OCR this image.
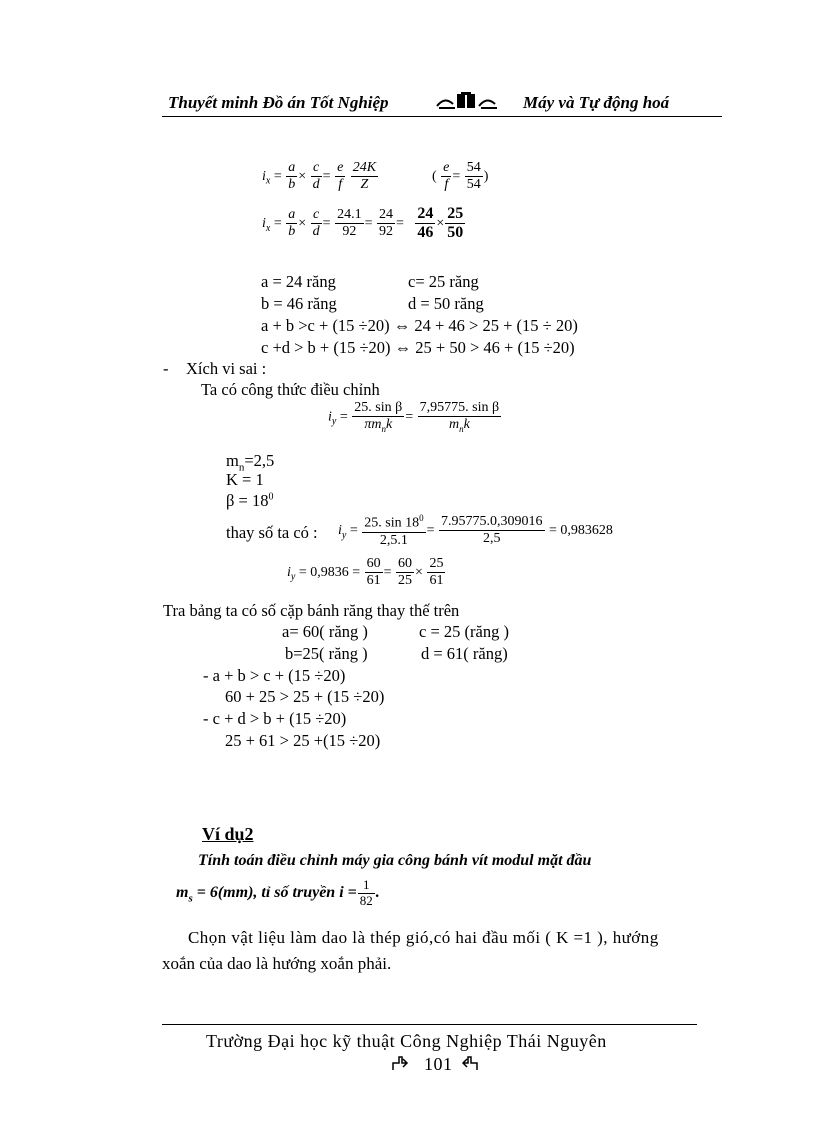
Thuyết minh Đồ án Tốt Nghiệp	Máy và Tự động hoá
$i_x = \frac{a}{b} \times \frac{c}{d} = \frac{e}{f}$
$\frac{24K}{Z}$	( $\frac{e}{f} = \frac{54}{54}$ )
$i_x = \frac{a}{b} \times \frac{c}{d} = \frac{24.1}{92} = \frac{24}{92} = \frac{24}{46} \times \frac{25}{50}$
a = 24 răng	c= 25 răng
b = 46 răng	d = 50 răng
a + b >c + (15 ÷20) ⇔ 24 + 46 > 25 + (15 ÷ 20)
c +d > b + (15 ÷20) ⇔ 25 + 50 > 46 + (15 ÷20)
- Xích vi sai :
Ta có công thức điều chỉnh
$i_y = \frac{\text{25. sin β}}{\pi m_nk} = \frac{\text{7,95775. sin β}}{m_nk}$
$m_n=2,5$
K = 1
$\beta = 18^0$
thay số ta có : $i_y = \frac{25. \sin 18^0}{2,5.1} = \frac{7.95775.0,309016}{2,5} = 0,983628$
$i_y = 0,9836 = \frac{60}{61} = \frac{60}{25} \times \frac{25}{61}$
Tra bảng ta có số cặp bánh răng thay thế trên
a= 60( răng )	c = 25 (răng )
b=25( răng )	d = 61( răng)
- a + b > c + (15 ÷20)
60 + 25 > 25 + (15 ÷20)
- c + d > b + (15 ÷20)
25 + 61 > 25 +(15 ÷20)
Ví dụ2
Tính toán điều chỉnh máy gia công bánh vít modul mặt đầu
$m_s = 6(mm)$, tỉ số truyền $i = \frac{1}{82}$ .
Chọn vật liệu làm dao là thép gió,có hai đầu mối ( K =1 ), hướng
xoắn của dao là hướng xoắn phải.
Trường Đại học kỹ thuật Công Nghiệp Thái Nguyên
101
